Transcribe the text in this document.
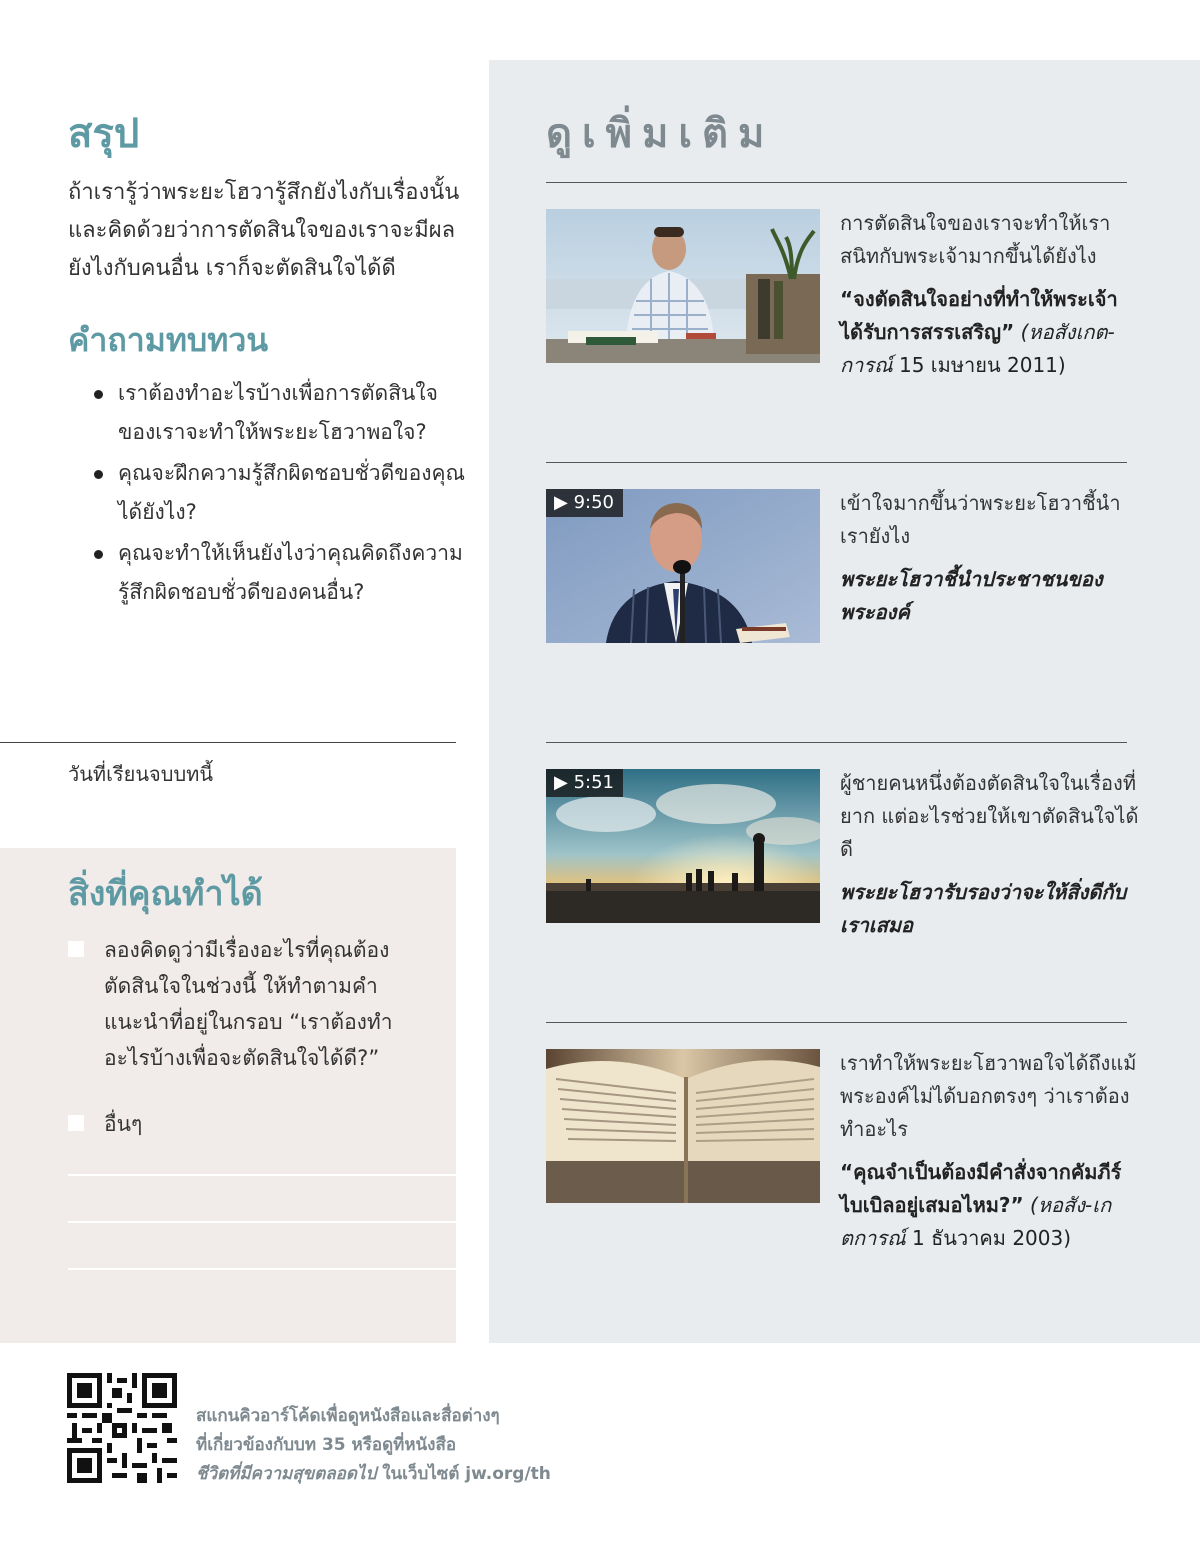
สรุป

ถ้าเรารู้ว่าพระยะโฮวารู้สึกยังไงกับเรื่องนั้นและคิดด้วยว่าการตัดสินใจของเราจะมีผลยังไงกับคนอื่น เราก็จะตัดสินใจได้ดี

คำถามทบทวน
เราต้องทำอะไรบ้างเพื่อการตัดสินใจของเราจะทำให้พระยะโฮวาพอใจ?
คุณจะฝึกความรู้สึกผิดชอบชั่วดีของคุณได้ยังไง?
คุณจะทำให้เห็นยังไงว่าคุณคิดถึงความรู้สึกผิดชอบชั่วดีของคนอื่น?
วันที่เรียนจบบทนี้
สิ่งที่คุณทำได้

ลองคิดดูว่ามีเรื่องอะไรที่คุณต้องตัดสินใจในช่วงนี้ ให้ทำตามคำแนะนำที่อยู่ในกรอบ “เราต้องทำอะไรบ้างเพื่อจะตัดสินใจได้ดี?”

อื่นๆ

ดูเพิ่มเติม

การตัดสินใจของเราจะทำให้เราสนิทกับพระเจ้ามากขึ้นได้ยังไง

“จงตัดสินใจอย่างที่ทำให้พระเจ้าได้รับการสรรเสริญ” (หอสังเกต-การณ์ 15 เมษายน 2011)

▶ 9:50	เข้าใจมากขึ้นว่าพระยะโฮวาชี้นำเรายังไง

พระยะโฮวาชี้นำประชาชนของพระองค์

▶ 5:51	ผู้ชายคนหนึ่งต้องตัดสินใจในเรื่องที่ยาก แต่อะไรช่วยให้เขาตัดสินใจได้ดี

พระยะโฮวารับรองว่าจะให้สิ่งดีกับเราเสมอ

เราทำให้พระยะโฮวาพอใจได้ถึงแม้พระองค์ไม่ได้บอกตรงๆ ว่าเราต้องทำอะไร

“คุณจำเป็นต้องมีคำสั่งจากคัมภีร์ไบเบิลอยู่เสมอไหม?” (หอสัง-เกตการณ์ 1 ธันวาคม 2003)

สแกนคิวอาร์โค้ดเพื่อดูหนังสือและสื่อต่างๆ
ที่เกี่ยวข้องกับบท 35 หรือดูที่หนังสือ
ชีวิตที่มีความสุขตลอดไป ในเว็บไซต์ jw.org/th
